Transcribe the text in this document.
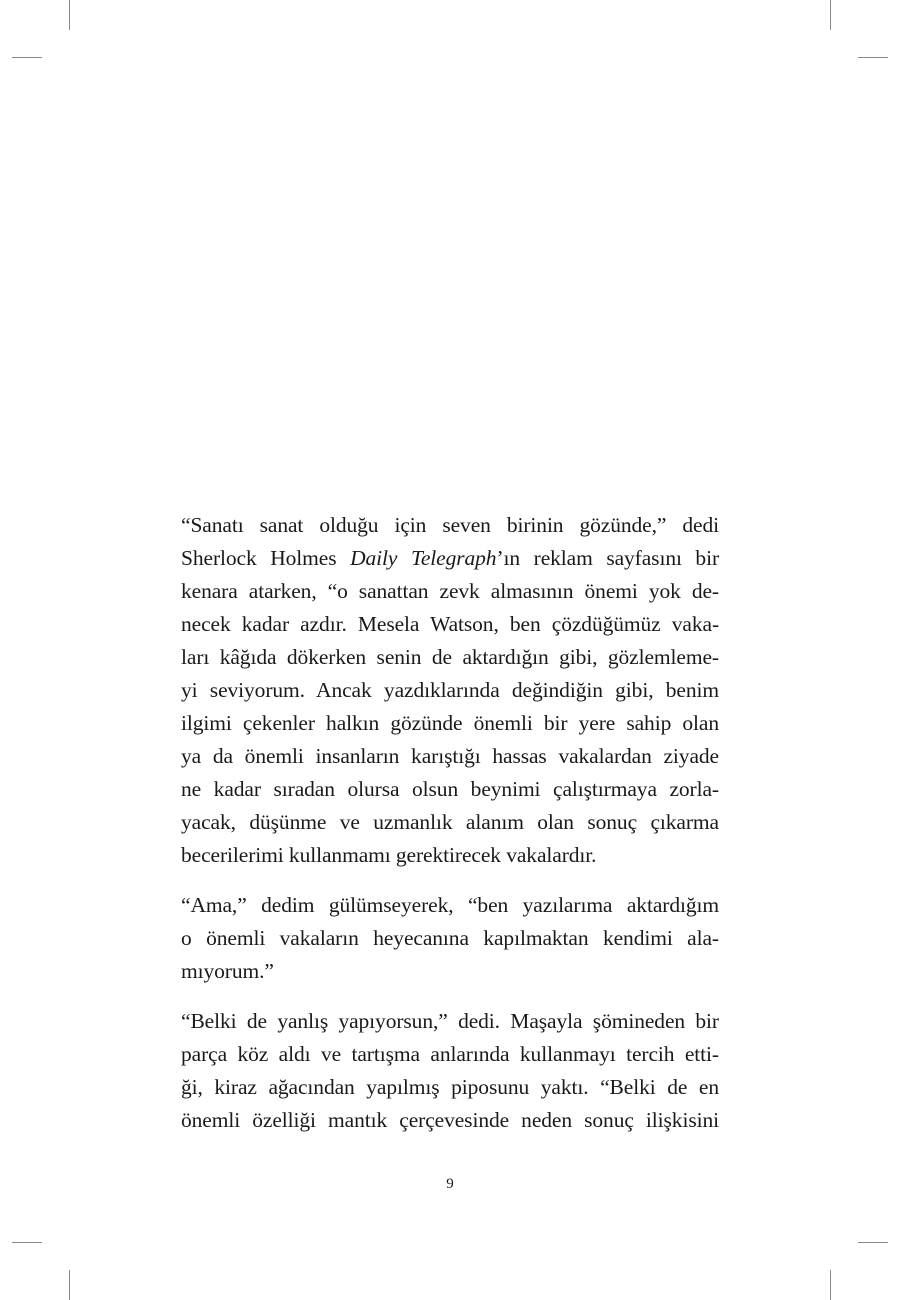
“Sanatı sanat olduğu için seven birinin gözünde,” dedi
Sherlock Holmes Daily Telegraph’ın reklam sayfasını bir
kenara atarken, “o sanattan zevk almasının önemi yok de-
necek kadar azdır. Mesela Watson, ben çözdüğümüz vaka-
ları kâğıda dökerken senin de aktardığın gibi, gözlemleme-
yi seviyorum. Ancak yazdıklarında değindiğin gibi, benim
ilgimi çekenler halkın gözünde önemli bir yere sahip olan
ya da önemli insanların karıştığı hassas vakalardan ziyade
ne kadar sıradan olursa olsun beynimi çalıştırmaya zorla-
yacak, düşünme ve uzmanlık alanım olan sonuç çıkarma
becerilerimi kullanmamı gerektirecek vakalardır.

“Ama,” dedim gülümseyerek, “ben yazılarıma aktardığım
o önemli vakaların heyecanına kapılmaktan kendimi ala-
mıyorum.”

“Belki de yanlış yapıyorsun,” dedi. Maşayla şömineden bir
parça köz aldı ve tartışma anlarında kullanmayı tercih etti-
ği, kiraz ağacından yapılmış piposunu yaktı. “Belki de en
önemli özelliği mantık çerçevesinde neden sonuç ilişkisini

9
